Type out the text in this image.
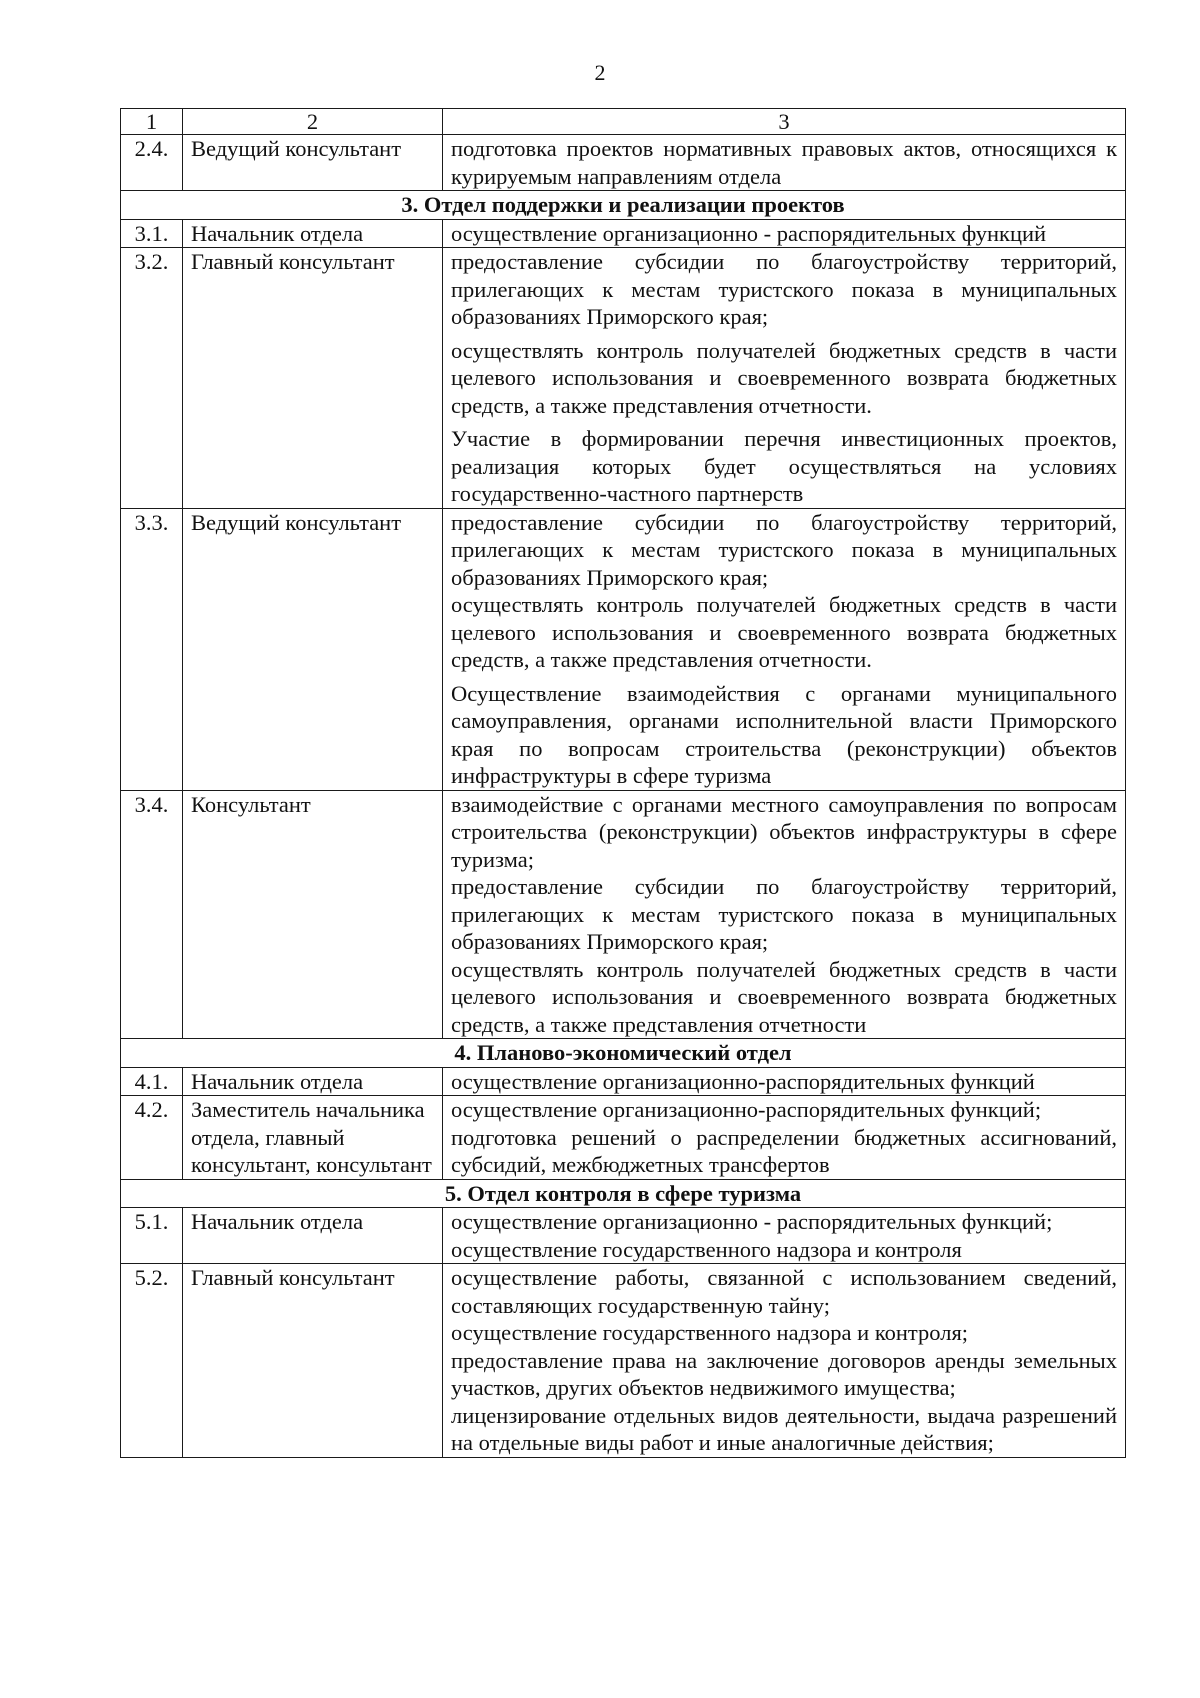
2
1	2	3
2.4.	Ведущий консультант	подготовка проектов нормативных правовых актов, относящихся к курируемым направлениям отдела

3. Отдел поддержки и реализации проектов		
3.1.	Начальник отдела	осуществление организационно - распорядительных функций

3.2.	Главный консультант	предоставление субсидии по благоустройству территорий, прилегающих к местам туристского показа в муниципальных образованиях Приморского края;
осуществлять контроль получателей бюджетных средств в части целевого использования и своевременного возврата бюджетных средств, а также представления отчетности.
Участие в формировании перечня инвестиционных проектов, реализация которых будет осуществляться на условиях государственно-частного партнерств

3.3.	Ведущий консультант	предоставление субсидии по благоустройству территорий, прилегающих к местам туристского показа в муниципальных образованиях Приморского края;
осуществлять контроль получателей бюджетных средств в части целевого использования и своевременного возврата бюджетных средств, а также представления отчетности.
Осуществление взаимодействия с органами муниципального самоуправления, органами исполнительной власти Приморского края по вопросам строительства (реконструкции) объектов инфраструктуры в сфере туризма

3.4.	Консультант	взаимодействие с органами местного самоуправления по вопросам строительства (реконструкции) объектов инфраструктуры в сфере туризма;
предоставление субсидии по благоустройству территорий, прилегающих к местам туристского показа в муниципальных образованиях Приморского края;
осуществлять контроль получателей бюджетных средств в части целевого использования и своевременного возврата бюджетных средств, а также представления отчетности

4. Планово-экономический отдел		
4.1.	Начальник отдела	осуществление организационно-распорядительных функций

4.2.	Заместитель начальника отдела, главный консультант, консультант	осуществление организационно-распорядительных функций;
подготовка решений о распределении бюджетных ассигнований, субсидий, межбюджетных трансфертов

5. Отдел контроля в сфере туризма		
5.1.	Начальник отдела	осуществление организационно - распорядительных функций;
осуществление государственного надзора и контроля

5.2.	Главный консультант	осуществление работы, связанной с использованием сведений, составляющих государственную тайну;
осуществление государственного надзора и контроля;
предоставление права на заключение договоров аренды земельных участков, других объектов недвижимого имущества;
лицензирование отдельных видов деятельности, выдача разрешений на отдельные виды работ и иные аналогичные действия;
